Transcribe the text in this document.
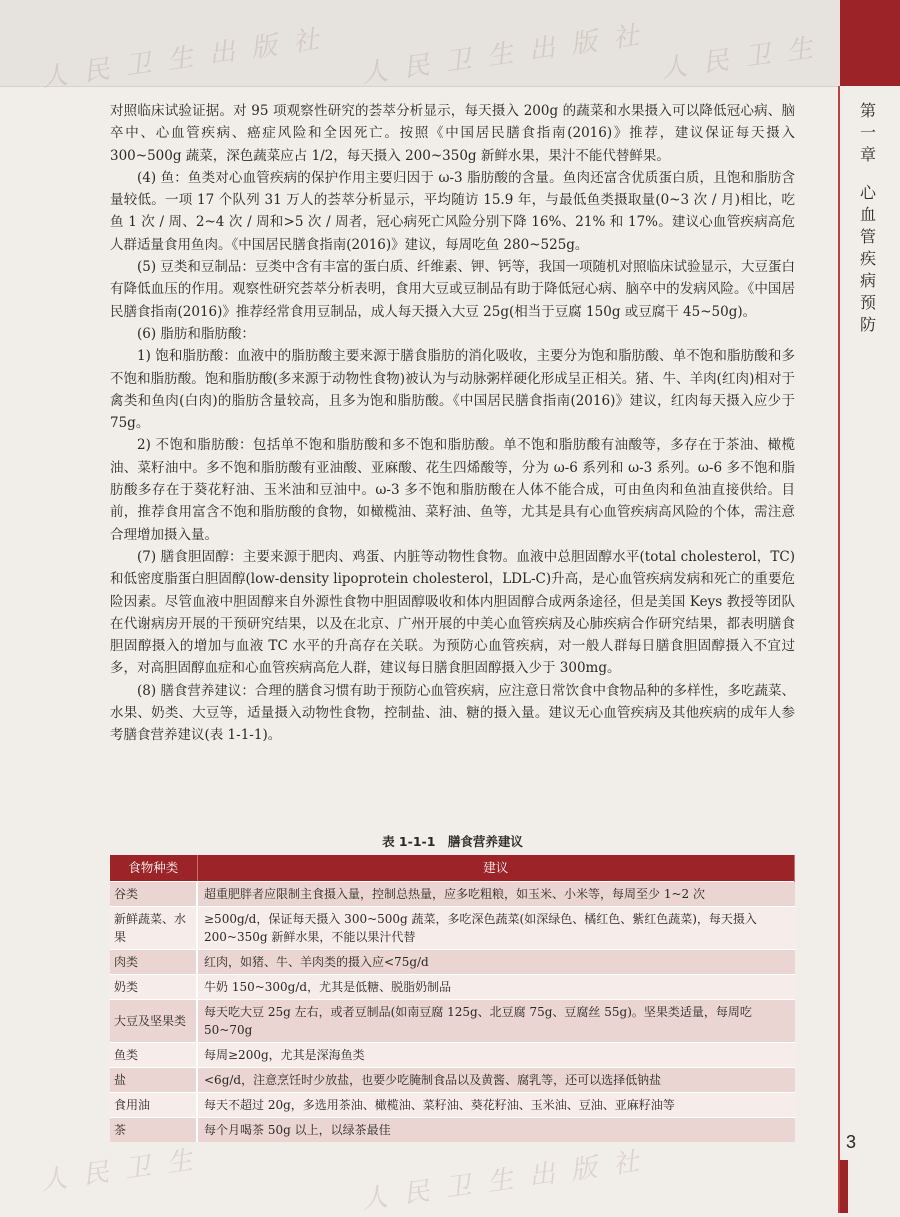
人 民 卫 生 出 版 社 人 民 卫 生 出 版 社 人 民 卫 生
第
一
章
心
血
管
疾
病
预
防

对照临床试验证据。对 95 项观察性研究的荟萃分析显示，每天摄入 200g 的蔬菜和水果摄入可以降低冠心病、脑卒中、心血管疾病、癌症风险和全因死亡。按照《中国居民膳食指南(2016)》推荐，建议保证每天摄入 300~500g 蔬菜，深色蔬菜应占 1/2，每天摄入 200~350g 新鲜水果，果汁不能代替鲜果。

(4) 鱼：鱼类对心血管疾病的保护作用主要归因于 ω-3 脂肪酸的含量。鱼肉还富含优质蛋白质，且饱和脂肪含量较低。一项 17 个队列 31 万人的荟萃分析显示，平均随访 15.9 年，与最低鱼类摄取量(0~3 次 / 月)相比，吃鱼 1 次 / 周、2~4 次 / 周和>5 次 / 周者，冠心病死亡风险分别下降 16%、21% 和 17%。建议心血管疾病高危人群适量食用鱼肉。《中国居民膳食指南(2016)》建议，每周吃鱼 280~525g。

(5) 豆类和豆制品：豆类中含有丰富的蛋白质、纤维素、钾、钙等，我国一项随机对照临床试验显示，大豆蛋白有降低血压的作用。观察性研究荟萃分析表明，食用大豆或豆制品有助于降低冠心病、脑卒中的发病风险。《中国居民膳食指南(2016)》推荐经常食用豆制品，成人每天摄入大豆 25g(相当于豆腐 150g 或豆腐干 45~50g)。

(6) 脂肪和脂肪酸：

1) 饱和脂肪酸：血液中的脂肪酸主要来源于膳食脂肪的消化吸收，主要分为饱和脂肪酸、单不饱和脂肪酸和多不饱和脂肪酸。饱和脂肪酸(多来源于动物性食物)被认为与动脉粥样硬化形成呈正相关。猪、牛、羊肉(红肉)相对于禽类和鱼肉(白肉)的脂肪含量较高，且多为饱和脂肪酸。《中国居民膳食指南(2016)》建议，红肉每天摄入应少于 75g。

2) 不饱和脂肪酸：包括单不饱和脂肪酸和多不饱和脂肪酸。单不饱和脂肪酸有油酸等，多存在于茶油、橄榄油、菜籽油中。多不饱和脂肪酸有亚油酸、亚麻酸、花生四烯酸等，分为 ω-6 系列和 ω-3 系列。ω-6 多不饱和脂肪酸多存在于葵花籽油、玉米油和豆油中。ω-3 多不饱和脂肪酸在人体不能合成，可由鱼肉和鱼油直接供给。目前，推荐食用富含不饱和脂肪酸的食物，如橄榄油、菜籽油、鱼等，尤其是具有心血管疾病高风险的个体，需注意合理增加摄入量。

(7) 膳食胆固醇：主要来源于肥肉、鸡蛋、内脏等动物性食物。血液中总胆固醇水平(total cholesterol，TC)和低密度脂蛋白胆固醇(low-density lipoprotein cholesterol，LDL-C)升高，是心血管疾病发病和死亡的重要危险因素。尽管血液中胆固醇来自外源性食物中胆固醇吸收和体内胆固醇合成两条途径，但是美国 Keys 教授等团队在代谢病房开展的干预研究结果，以及在北京、广州开展的中美心血管疾病及心肺疾病合作研究结果，都表明膳食胆固醇摄入的增加与血液 TC 水平的升高存在关联。为预防心血管疾病，对一般人群每日膳食胆固醇摄入不宜过多，对高胆固醇血症和心血管疾病高危人群，建议每日膳食胆固醇摄入少于 300mg。

(8) 膳食营养建议：合理的膳食习惯有助于预防心血管疾病，应注意日常饮食中食物品种的多样性，多吃蔬菜、水果、奶类、大豆等，适量摄入动物性食物，控制盐、油、糖的摄入量。建议无心血管疾病及其他疾病的成年人参考膳食营养建议(表 1-1-1)。

表 1-1-1　膳食营养建议
食物种类	建议
谷类	超重肥胖者应限制主食摄入量，控制总热量，应多吃粗粮，如玉米、小米等，每周至少 1~2 次
新鲜蔬菜、水果	≥500g/d，保证每天摄入 300~500g 蔬菜，多吃深色蔬菜(如深绿色、橘红色、紫红色蔬菜)，每天摄入 200~350g 新鲜水果，不能以果汁代替
肉类	红肉，如猪、牛、羊肉类的摄入应<75g/d
奶类	牛奶 150~300g/d，尤其是低糖、脱脂奶制品
大豆及坚果类	每天吃大豆 25g 左右，或者豆制品(如南豆腐 125g、北豆腐 75g、豆腐丝 55g)。坚果类适量，每周吃 50~70g
鱼类	每周≥200g，尤其是深海鱼类
盐	<6g/d，注意烹饪时少放盐，也要少吃腌制食品以及黄酱、腐乳等，还可以选择低钠盐
食用油	每天不超过 20g，多选用茶油、橄榄油、菜籽油、葵花籽油、玉米油、豆油、亚麻籽油等
茶	每个月喝茶 50g 以上，以绿茶最佳
人 民 卫 生	人 民 卫 生 出 版 社
3
